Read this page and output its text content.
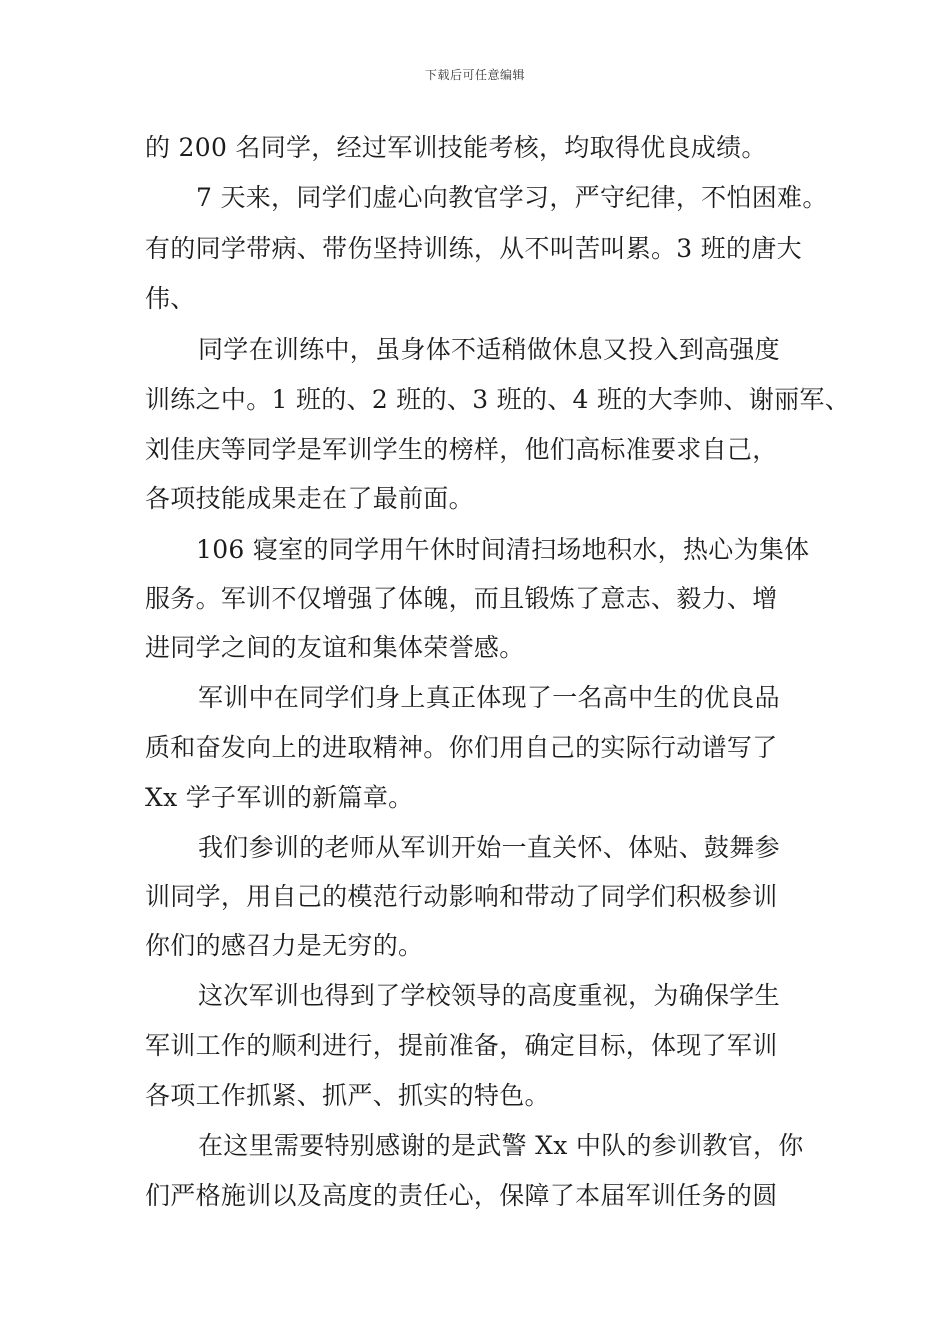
下载后可任意编辑
的 200 名同学，经过军训技能考核，均取得优良成绩。
7 天来，同学们虚心向教官学习，严守纪律，不怕困难。
有的同学带病、带伤坚持训练，从不叫苦叫累。3 班的唐大
伟、
同学在训练中，虽身体不适稍做休息又投入到高强度
训练之中。1 班的、2 班的、3 班的、4 班的大李帅、谢丽军、
刘佳庆等同学是军训学生的榜样，他们高标准要求自己，
各项技能成果走在了最前面。
106 寝室的同学用午休时间清扫场地积水，热心为集体
服务。军训不仅增强了体魄，而且锻炼了意志、毅力、增
进同学之间的友谊和集体荣誉感。
军训中在同学们身上真正体现了一名高中生的优良品
质和奋发向上的进取精神。你们用自己的实际行动谱写了
Xx 学子军训的新篇章。
我们参训的老师从军训开始一直关怀、体贴、鼓舞参
训同学，用自己的模范行动影响和带动了同学们积极参训
你们的感召力是无穷的。
这次军训也得到了学校领导的高度重视，为确保学生
军训工作的顺利进行，提前准备，确定目标，体现了军训
各项工作抓紧、抓严、抓实的特色。
在这里需要特别感谢的是武警 Xx 中队的参训教官，你
们严格施训以及高度的责任心，保障了本届军训任务的圆
